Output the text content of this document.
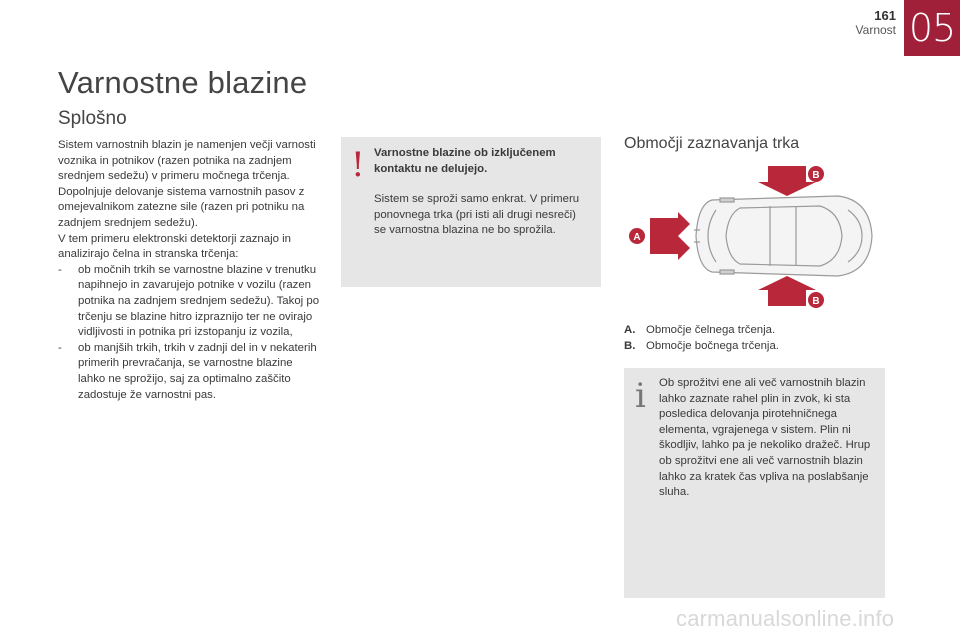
05
161
Varnost
Varnostne blazine
Splošno

Sistem varnostnih blazin je namenjen večji varnosti voznika in potnikov (razen potnika na zadnjem srednjem sedežu) v primeru močnega trčenja. Dopolnjuje delovanje sistema varnostnih pasov z omejevalnikom zatezne sile (razen pri potniku na zadnjem srednjem sedežu).

V tem primeru elektronski detektorji zaznajo in analizirajo čelna in stranska trčenja:

- ob močnih trkih se varnostne blazine v trenutku napihnejo in zavarujejo potnike v vozilu (razen potnika na zadnjem srednjem sedežu). Takoj po trčenju se blazine hitro izpraznijo ter ne ovirajo vidljivosti in potnika pri izstopanju iz vozila,
- ob manjših trkih, trkih v zadnji del in v nekaterih primerih prevračanja, se varnostne blazine lahko ne sprožijo, saj za optimalno zaščito zadostuje že varnostni pas.
! Varnostne blazine ob izključenem kontaktu ne delujejo.
Sistem se sproži samo enkrat. V primeru ponovnega trka (pri isti ali drugi nesreči) se varnostna blazina ne bo sprožila.
Območji zaznavanja trka
A
B
B
A. Območje čelnega trčenja.
B. Območje bočnega trčenja.
i Ob sprožitvi ene ali več varnostnih blazin lahko zaznate rahel plin in zvok, ki sta posledica delovanja pirotehničnega elementa, vgrajenega v sistem. Plin ni škodljiv, lahko pa je nekoliko dražeč. Hrup ob sprožitvi ene ali več varnostnih blazin lahko za kratek čas vpliva na poslabšanje sluha.
carmanualsonline.info
